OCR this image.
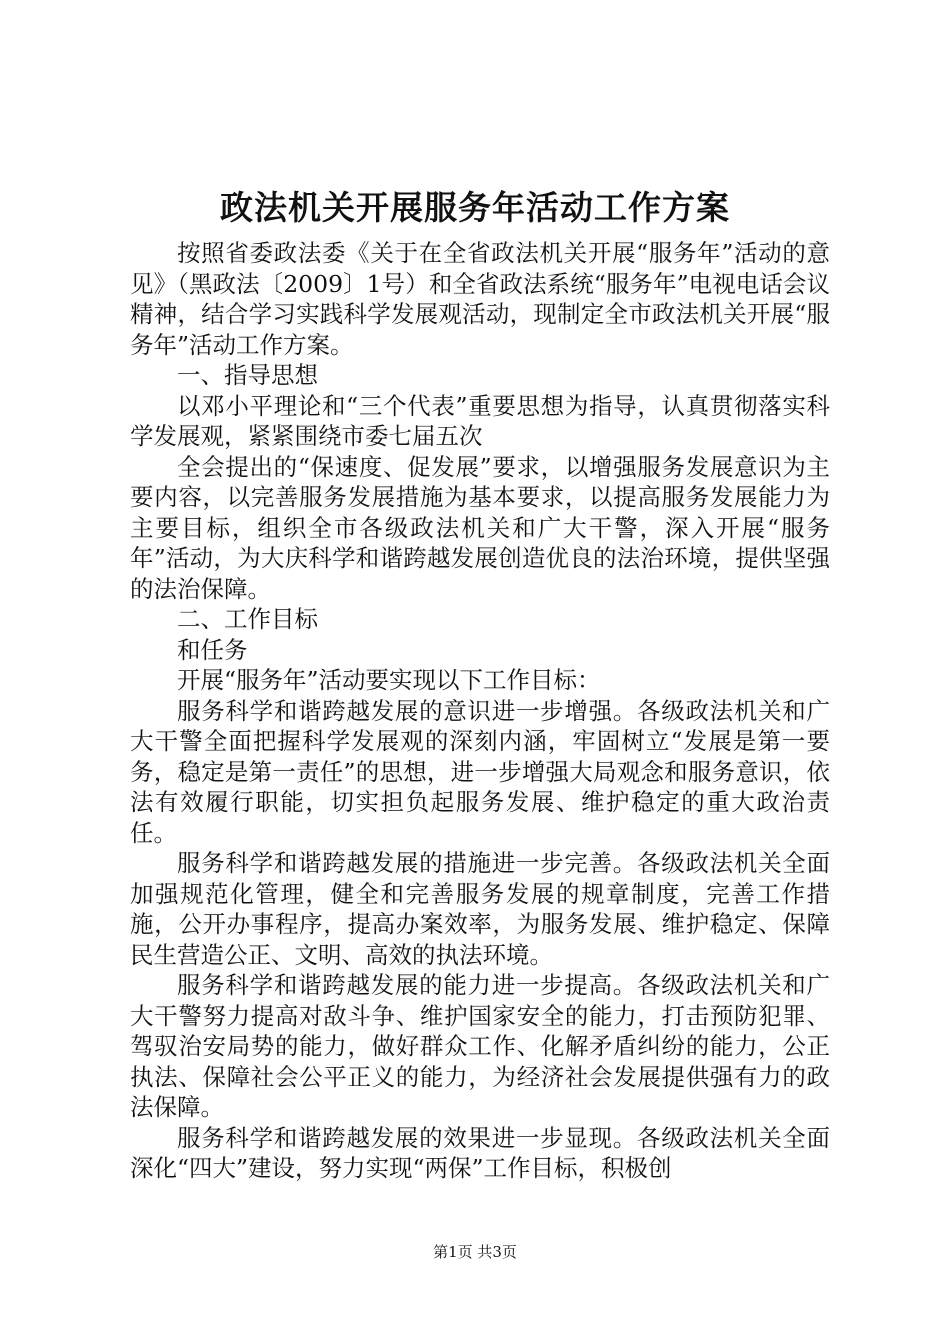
政法机关开展服务年活动工作方案

按照省委政法委《关于在全省政法机关开展“服务年”活动的意见》（黑政法〔2009〕1号）和全省政法系统“服务年”电视电话会议精神，结合学习实践科学发展观活动，现制定全市政法机关开展“服务年”活动工作方案。

一、指导思想

以邓小平理论和“三个代表”重要思想为指导，认真贯彻落实科学发展观，紧紧围绕市委七届五次

全会提出的“保速度、促发展”要求，以增强服务发展意识为主要内容，以完善服务发展措施为基本要求，以提高服务发展能力为主要目标，组织全市各级政法机关和广大干警，深入开展“服务年”活动，为大庆科学和谐跨越发展创造优良的法治环境，提供坚强的法治保障。

二、工作目标

和任务

开展“服务年”活动要实现以下工作目标：

服务科学和谐跨越发展的意识进一步增强。各级政法机关和广大干警全面把握科学发展观的深刻内涵，牢固树立“发展是第一要务，稳定是第一责任”的思想，进一步增强大局观念和服务意识，依法有效履行职能，切实担负起服务发展、维护稳定的重大政治责任。

服务科学和谐跨越发展的措施进一步完善。各级政法机关全面加强规范化管理，健全和完善服务发展的规章制度，完善工作措施，公开办事程序，提高办案效率，为服务发展、维护稳定、保障民生营造公正、文明、高效的执法环境。

服务科学和谐跨越发展的能力进一步提高。各级政法机关和广大干警努力提高对敌斗争、维护国家安全的能力，打击预防犯罪、驾驭治安局势的能力，做好群众工作、化解矛盾纠纷的能力，公正执法、保障社会公平正义的能力，为经济社会发展提供强有力的政法保障。

服务科学和谐跨越发展的效果进一步显现。各级政法机关全面深化“四大”建设，努力实现“两保”工作目标，积极创

第1页 共3页
